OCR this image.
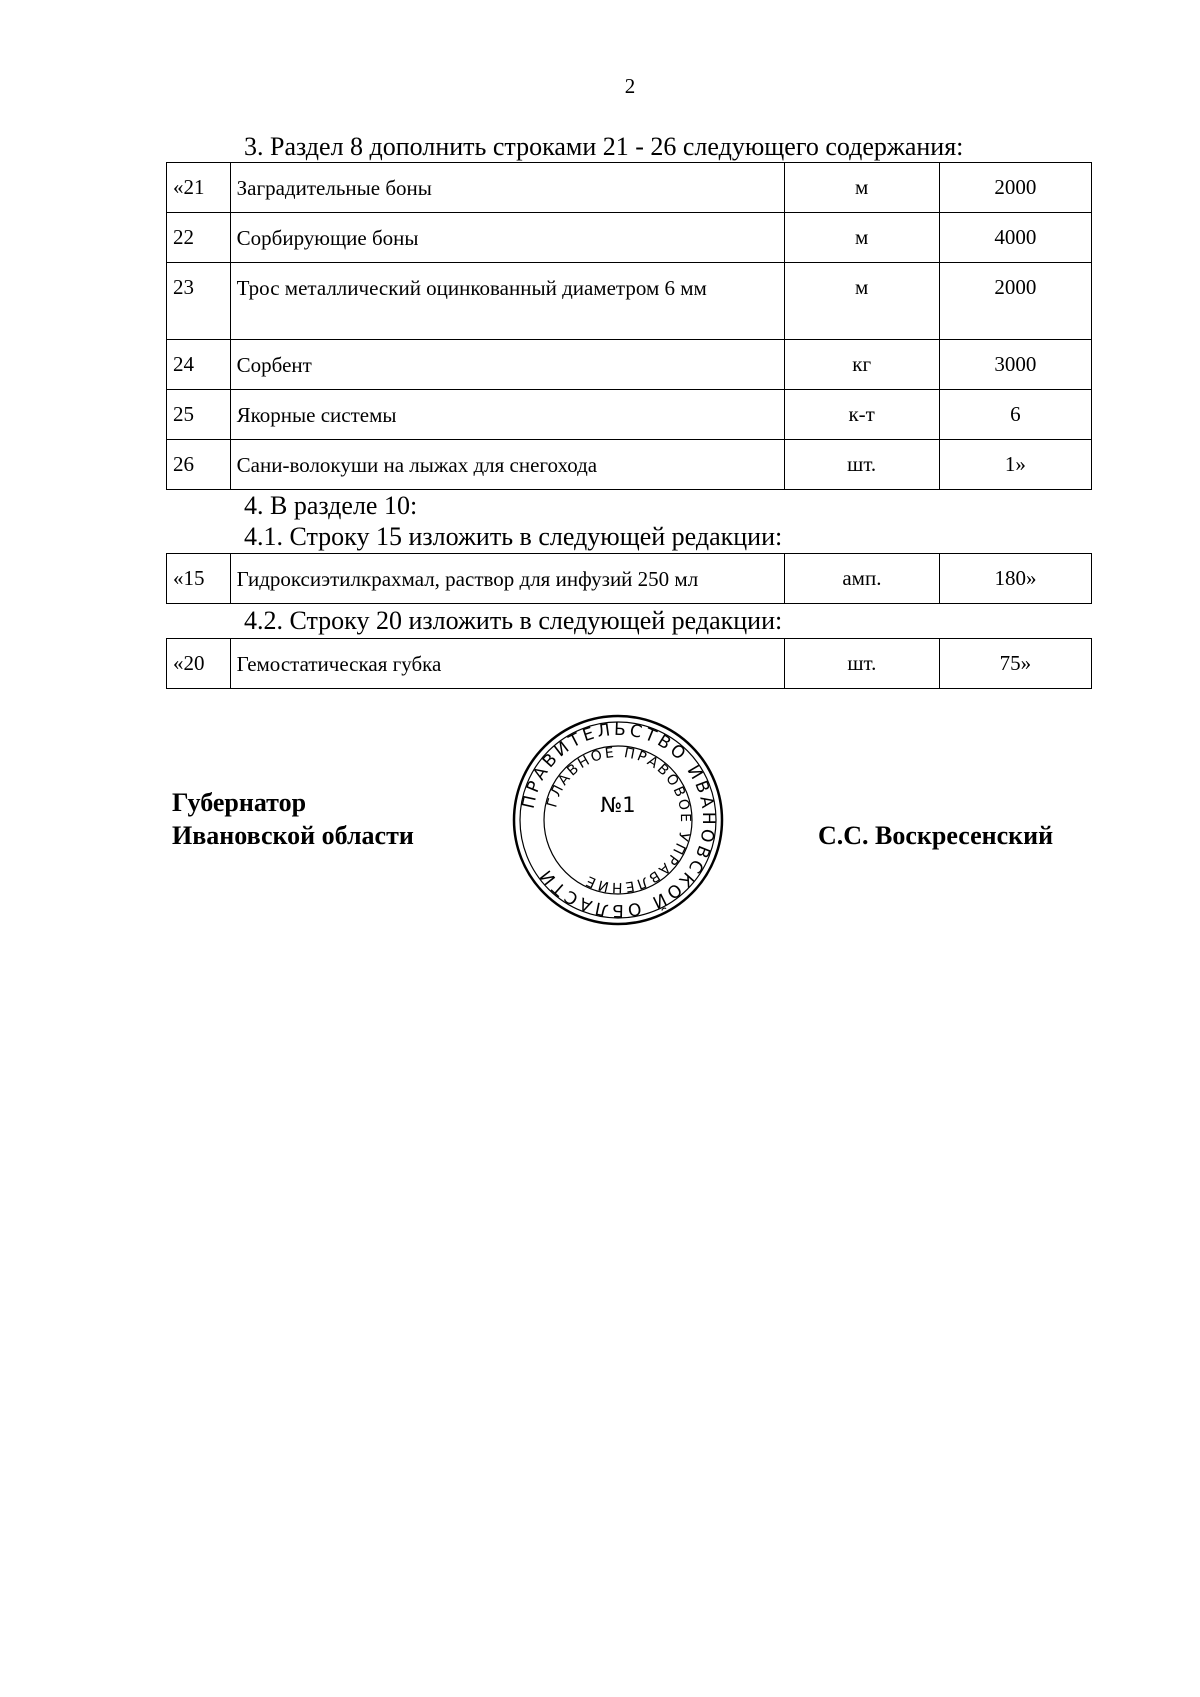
2
3. Раздел 8 дополнить строками 21 - 26 следующего содержания:
«21	Заградительные боны	м	2000
22	Сорбирующие боны	м	4000
23	Трос металлический оцинкованный диаметром 6 мм	м	2000
24	Сорбент	кг	3000
25	Якорные системы	к-т	6
26	Сани-волокуши на лыжах для снегохода	шт.	1»
4. В разделе 10:
4.1. Строку 15 изложить в следующей редакции:
«15	Гидроксиэтилкрахмал, раствор для инфузий 250 мл	амп.	180»
4.2. Строку 20 изложить в следующей редакции:
«20	Гемостатическая губка	шт.	75»
Губернатор
Ивановской области
ПРАВИТЕЛЬСТВО ИВАНОВСКОЙ ОБЛАСТИ
ГЛАВНОЕ ПРАВОВОЕ УПРАВЛЕНИЕ
№1
С.С. Воскресенский
